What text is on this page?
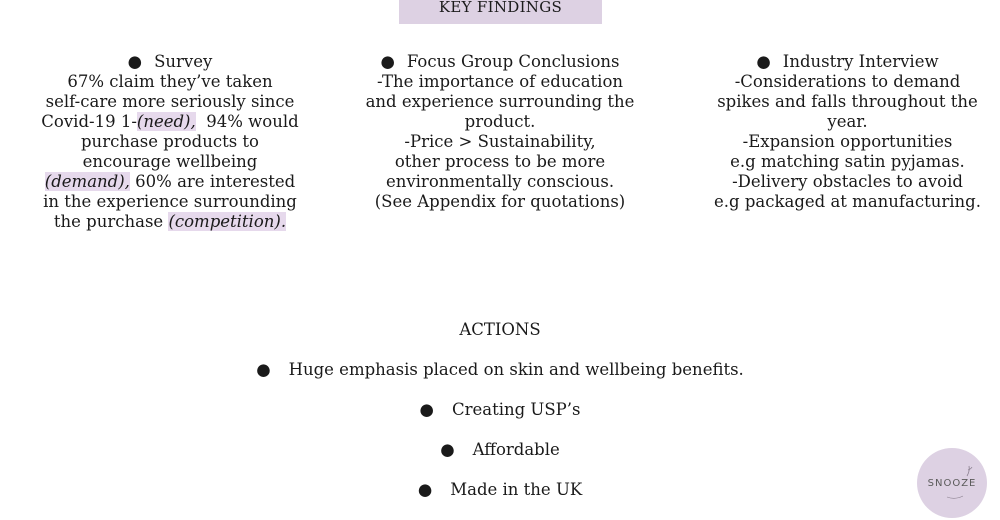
KEY FINDINGS
● Survey
67% claim they’ve taken
self-care more seriously since
Covid-19 1-(need),  94% would
purchase products to
encourage wellbeing
(demand), 60% are interested
in the experience surrounding
the purchase (competition).
● Focus Group Conclusions
-The importance of education
and experience surrounding the
product.
-Price > Sustainability,
other process to be more
environmentally conscious.
(See Appendix for quotations)
● Industry Interview
-Considerations to demand
spikes and falls throughout the
year.
-Expansion opportunities
e.g matching satin pyjamas.
-Delivery obstacles to avoid
e.g packaged at manufacturing.
ACTIONS
● Huge emphasis placed on skin and wellbeing benefits.
● Creating USP’s
● Affordable
● Made in the UK	SNOOZE
